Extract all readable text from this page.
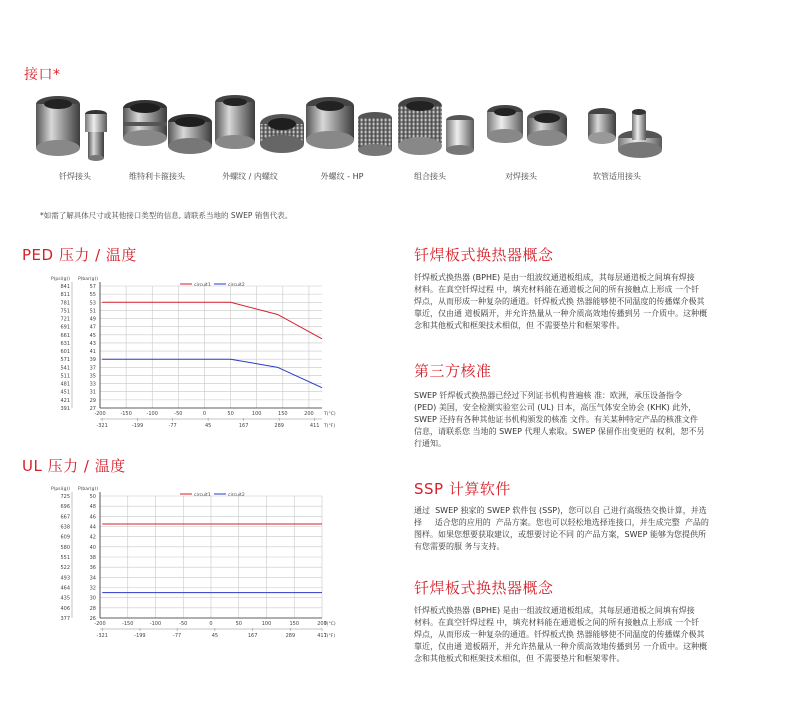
接口*
钎焊接头	维特利卡箍接头	外螺纹 / 内螺纹	外螺纹 - HP	组合接头	对焊接头	软管适用接头
*如需了解具体尺寸或其他接口类型的信息, 请联系当地的 SWEP 销售代表。
PED 压力 / 温度
27
391
29
421
31
451
33
481
35
511
37
541
39
571
41
601
43
631
45
661
47
691
49
721
51
751
53
781
55
811
57
841
-200	-150	-100	-50	0	50	100	150	200
-321	-199	-77	45	167	289	411
P(bar(g))
P(psi(g))
T(°C)
T(°F)
circuit1	circuit2
UL 压力 / 温度
26
377
28
406
30
435
32
464
34
493
36
522
38
551
40
580
42
609
44
638
46
667
48
696
50
725
-200	-150	-100	-50	0	50	100	150	200
-321	-199	-77	45	167	289	411
P(bar(g))
P(psi(g))
T(°C)
T(°F)
circuit1	circuit2
钎焊板式换热器概念
钎焊板式换热器 (BPHE) 是由一组波纹通道板组成，其每层通道板之间填有焊接
材料。在真空钎焊过程 中，填充材料能在通道板之间的所有接触点上形成 一个钎
焊点，从而形成一种复杂的通道。钎焊板式换 热器能够使不同温度的传播媒介极其
靠近，仅由通 道板隔开，并允许热量从一种介质高效地传播到另 一介质中。这种概
念和其他板式和框架技术相似，但 不需要垫片和框架零件。
第三方核准
SWEP 钎焊板式换热器已经过下列证书机构普遍核 准：欧洲，承压设备指令
(PED) 美国，安全检测实验室公司 (UL) 日本，高压气体安全协会 (KHK) 此外，
SWEP 还持有各种其他证书机构颁发的核准 文件。有关某种特定产品的核准文件
信息，请联系您 当地的 SWEP 代理人索取。SWEP 保留作出变更的 权利，恕不另
行通知。
SSP 计算软件
通过  SWEP 独家的 SWEP 软件包 (SSP)，您可以自 己进行高级热交换计算，并选
择     适合您的应用的  产品方案。您也可以轻松地选择连接口，并生成完整  产品的
图样。如果您想要获取建议，或想要讨论不同 的产品方案，SWEP 能够为您提供所
有您需要的服 务与支持。
钎焊板式换热器概念
钎焊板式换热器 (BPHE) 是由一组波纹通道板组成，其每层通道板之间填有焊接
材料。在真空钎焊过程 中，填充材料能在通道板之间的所有接触点上形成 一个钎
焊点，从而形成一种复杂的通道。钎焊板式换 热器能够使不同温度的传播媒介极其
靠近，仅由通 道板隔开，并允许热量从一种介质高效地传播到另 一介质中。这种概
念和其他板式和框架技术相似，但 不需要垫片和框架零件。
